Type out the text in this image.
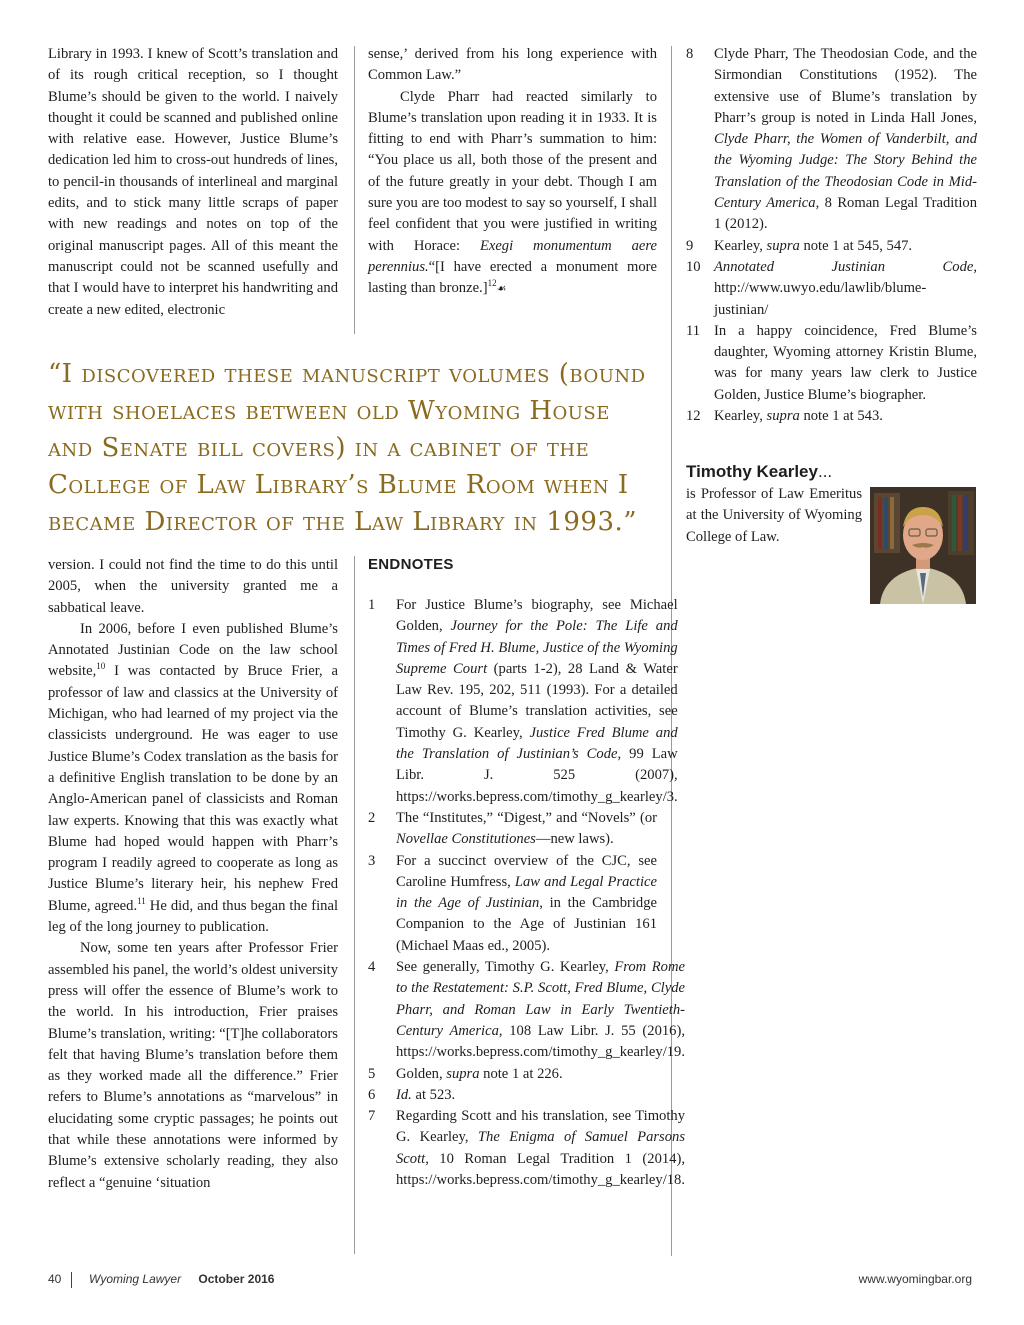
Library in 1993. I knew of Scott’s translation and of its rough critical reception, so I thought Blume’s should be given to the world. I naively thought it could be scanned and published online with relative ease. However, Justice Blume’s dedication led him to cross-out hundreds of lines, to pencil-in thousands of interlineal and marginal edits, and to stick many little scraps of paper with new readings and notes on top of the original manuscript pages. All of this meant the manuscript could not be scanned usefully and that I would have to interpret his handwriting and create a new edited, electronic

sense,’ derived from his long experience with Common Law.”

Clyde Pharr had reacted similarly to Blume’s translation upon reading it in 1933. It is fitting to end with Pharr’s summation to him: “You place us all, both those of the present and of the future greatly in your debt. Though I am sure you are too modest to say so yourself, I shall feel confident that you were justified in writing with Horace: Exegi monumentum aere perennius.“[I have erected a monument more lasting than bronze.]$^{12}$☙

“I discovered these manuscript volumes (bound with shoelaces between old Wyoming House and Senate bill covers) in a cabinet of the College of Law Library’s Blume Room when I became Director of the Law Library in 1993.”

version. I could not find the time to do this until 2005, when the university granted me a sabbatical leave.

In 2006, before I even published Blume’s Annotated Justinian Code on the law school website,$^{10}$ I was contacted by Bruce Frier, a professor of law and classics at the University of Michigan, who had learned of my project via the classicists underground. He was eager to use Justice Blume’s Codex translation as the basis for a definitive English translation to be done by an Anglo-American panel of classicists and Roman law experts. Knowing that this was exactly what Blume had hoped would happen with Pharr’s program I readily agreed to cooperate as long as Justice Blume’s literary heir, his nephew Fred Blume, agreed.$^{11}$ He did, and thus began the final leg of the long journey to publication.

Now, some ten years after Professor Frier assembled his panel, the world’s oldest university press will offer the essence of Blume’s work to the world. In his introduction, Frier praises Blume’s translation, writing: “[T]he collaborators felt that having Blume’s translation before them as they worked made all the difference.” Frier refers to Blume’s annotations as “marvelous” in elucidating some cryptic passages; he points out that while these annotations were informed by Blume’s extensive scholarly reading, they also reflect a “genuine ‘situation

ENDNOTES
1	For Justice Blume’s biography, see Michael Golden, Journey for the Pole: The Life and Times of Fred H. Blume, Justice of the Wyoming Supreme Court (parts 1-2), 28 Land & Water Law Rev. 195, 202, 511 (1993). For a detailed account of Blume’s translation activities, see Timothy G. Kearley, Justice Fred Blume and the Translation of Justinian’s Code, 99 Law Libr. J. 525 (2007), https://works.bepress.com/timothy_g_kearley/3.
2	The “Institutes,” “Digest,” and “Novels” (or Novellae Constitutiones—new laws).
3	For a succinct overview of the CJC, see Caroline Humfress, Law and Legal Practice in the Age of Justinian, in the Cambridge Companion to the Age of Justinian 161 (Michael Maas ed., 2005).
4	See generally, Timothy G. Kearley, From Rome to the Restatement: S.P. Scott, Fred Blume, Clyde Pharr, and Roman Law in Early Twentieth-Century America, 108 Law Libr. J. 55 (2016), https://works.bepress.com/timothy_g_kearley/19.
5	Golden, supra note 1 at 226.
6	Id. at 523.
7	Regarding Scott and his translation, see Timothy G. Kearley, The Enigma of Samuel Parsons Scott, 10 Roman Legal Tradition 1 (2014), https://works.bepress.com/timothy_g_kearley/18.
8	Clyde Pharr, The Theodosian Code, and the Sirmondian Constitutions (1952). The extensive use of Blume’s translation by Pharr’s group is noted in Linda Hall Jones, Clyde Pharr, the Women of Vanderbilt, and the Wyoming Judge: The Story Behind the Translation of the Theodosian Code in Mid-Century America, 8 Roman Legal Tradition 1 (2012).
9	Kearley, supra note 1 at 545, 547.
10 Annotated Justinian Code, http://www.uwyo.edu/lawlib/blume-justinian/
11 In a happy coincidence, Fred Blume’s daughter, Wyoming attorney Kristin Blume, was for many years law clerk to Justice Golden, Justice Blume’s biographer.
12 Kearley, supra note 1 at 543.

Timothy Kearley...

is Professor of Law Emeritus at the University of Wyoming College of Law.

40 Wyoming Lawyer October 2016	www.wyomingbar.org
